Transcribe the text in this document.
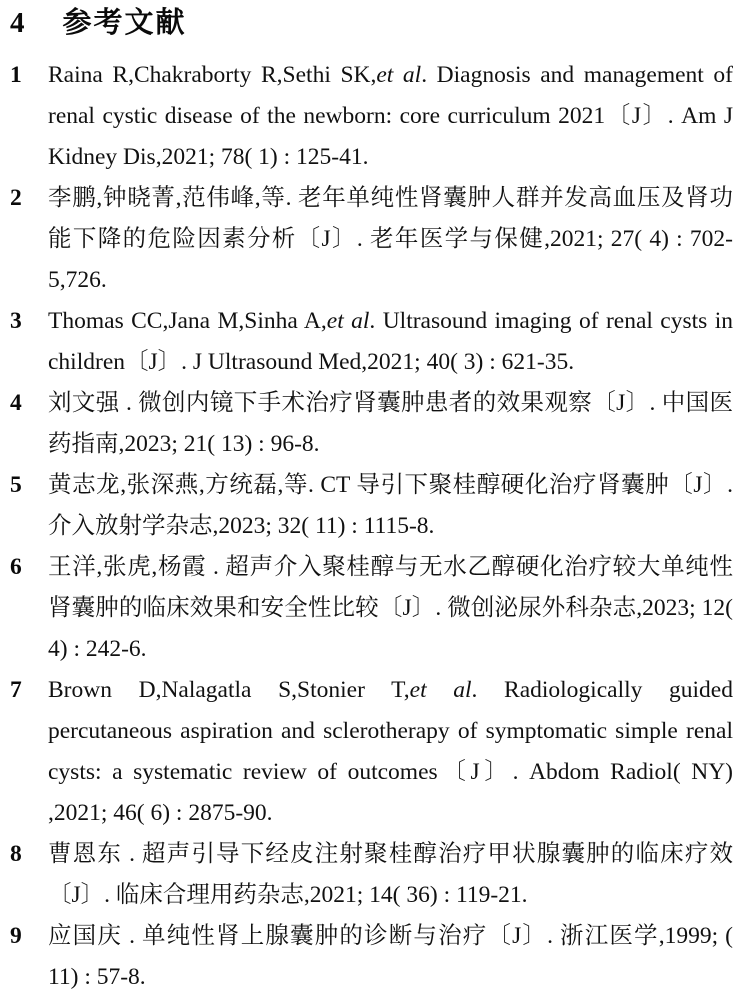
4 参考文献
1	Raina R,Chakraborty R,Sethi SK,et al. Diagnosis and management of renal cystic disease of the newborn: core curriculum 2021〔J〕. Am J Kidney Dis,2021; 78( 1) : 125-41.

2	李鹏,钟晓菁,范伟峰,等. 老年单纯性肾囊肿人群并发高血压及肾功能下降的危险因素分析〔J〕. 老年医学与保健,2021; 27( 4) : 702-5,726.

3	Thomas CC,Jana M,Sinha A,et al. Ultrasound imaging of renal cysts in children〔J〕. J Ultrasound Med,2021; 40( 3) : 621-35.

4	刘文强 . 微创内镜下手术治疗肾囊肿患者的效果观察〔J〕. 中国医药指南,2023; 21( 13) : 96-8.

5	黄志龙,张深燕,方统磊,等. CT 导引下聚桂醇硬化治疗肾囊肿〔J〕. 介入放射学杂志,2023; 32( 11) : 1115-8.

6	王洋,张虎,杨霞 . 超声介入聚桂醇与无水乙醇硬化治疗较大单纯性肾囊肿的临床效果和安全性比较〔J〕. 微创泌尿外科杂志,2023; 12( 4) : 242-6.

7	Brown D,Nalagatla S,Stonier T,et al. Radiologically guided percutaneous aspiration and sclerotherapy of symptomatic simple renal cysts: a systematic review of outcomes〔J〕. Abdom Radiol( NY) ,2021; 46( 6) : 2875-90.

8	曹恩东 . 超声引导下经皮注射聚桂醇治疗甲状腺囊肿的临床疗效〔J〕. 临床合理用药杂志,2021; 14( 36) : 119-21.

9	应国庆 . 单纯性肾上腺囊肿的诊断与治疗〔J〕. 浙江医学,1999; ( 11) : 57-8.
